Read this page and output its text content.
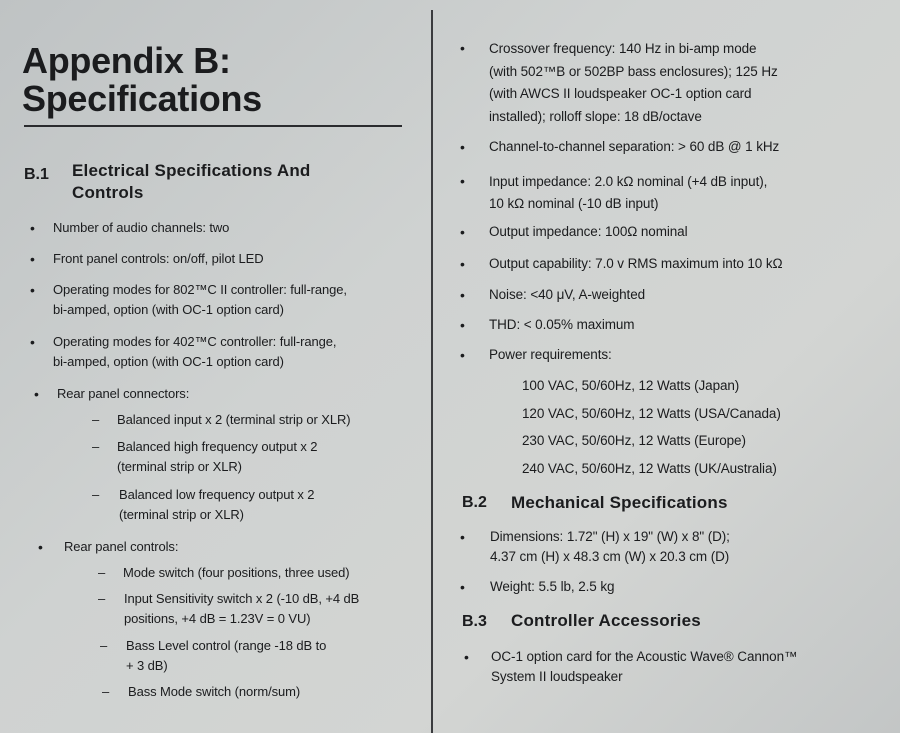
Appendix B:
Specifications
B.1 Electrical Specifications And
Controls
• Number of audio channels: two
• Front panel controls: on/off, pilot LED
• Operating modes for 802™C II controller: full-range,
bi-amped, option (with OC-1 option card)
• Operating modes for 402™C controller: full-range,
bi-amped, option (with OC-1 option card)
• Rear panel connectors:
– Balanced input x 2 (terminal strip or XLR)
– Balanced high frequency output x 2
(terminal strip or XLR)
– Balanced low frequency output x 2
(terminal strip or XLR)
• Rear panel controls:
– Mode switch (four positions, three used)
– Input Sensitivity switch x 2 (-10 dB, +4 dB
positions, +4 dB = 1.23V = 0 VU)
– Bass Level control (range -18 dB to
+ 3 dB)
– Bass Mode switch (norm/sum)
• Crossover frequency: 140 Hz in bi-amp mode
(with 502™B or 502BP bass enclosures); 125 Hz
(with AWCS II loudspeaker OC-1 option card
installed); rolloff slope: 18 dB/octave
• Channel-to-channel separation: > 60 dB @ 1 kHz
• Input impedance: 2.0 kΩ nominal (+4 dB input),
10 kΩ nominal (-10 dB input)
• Output impedance: 100Ω nominal
• Output capability: 7.0 v RMS maximum into 10 kΩ
• Noise: <40 μV, A-weighted
• THD: < 0.05% maximum
• Power requirements:
100 VAC, 50/60Hz, 12 Watts (Japan)
120 VAC, 50/60Hz, 12 Watts (USA/Canada)
230 VAC, 50/60Hz, 12 Watts (Europe)
240 VAC, 50/60Hz, 12 Watts (UK/Australia)
B.2 Mechanical Specifications
• Dimensions: 1.72" (H) x 19" (W) x 8" (D);
4.37 cm (H) x 48.3 cm (W) x 20.3 cm (D)
• Weight: 5.5 lb, 2.5 kg
B.3 Controller Accessories
• OC-1 option card for the Acoustic Wave® Cannon™
System II loudspeaker
